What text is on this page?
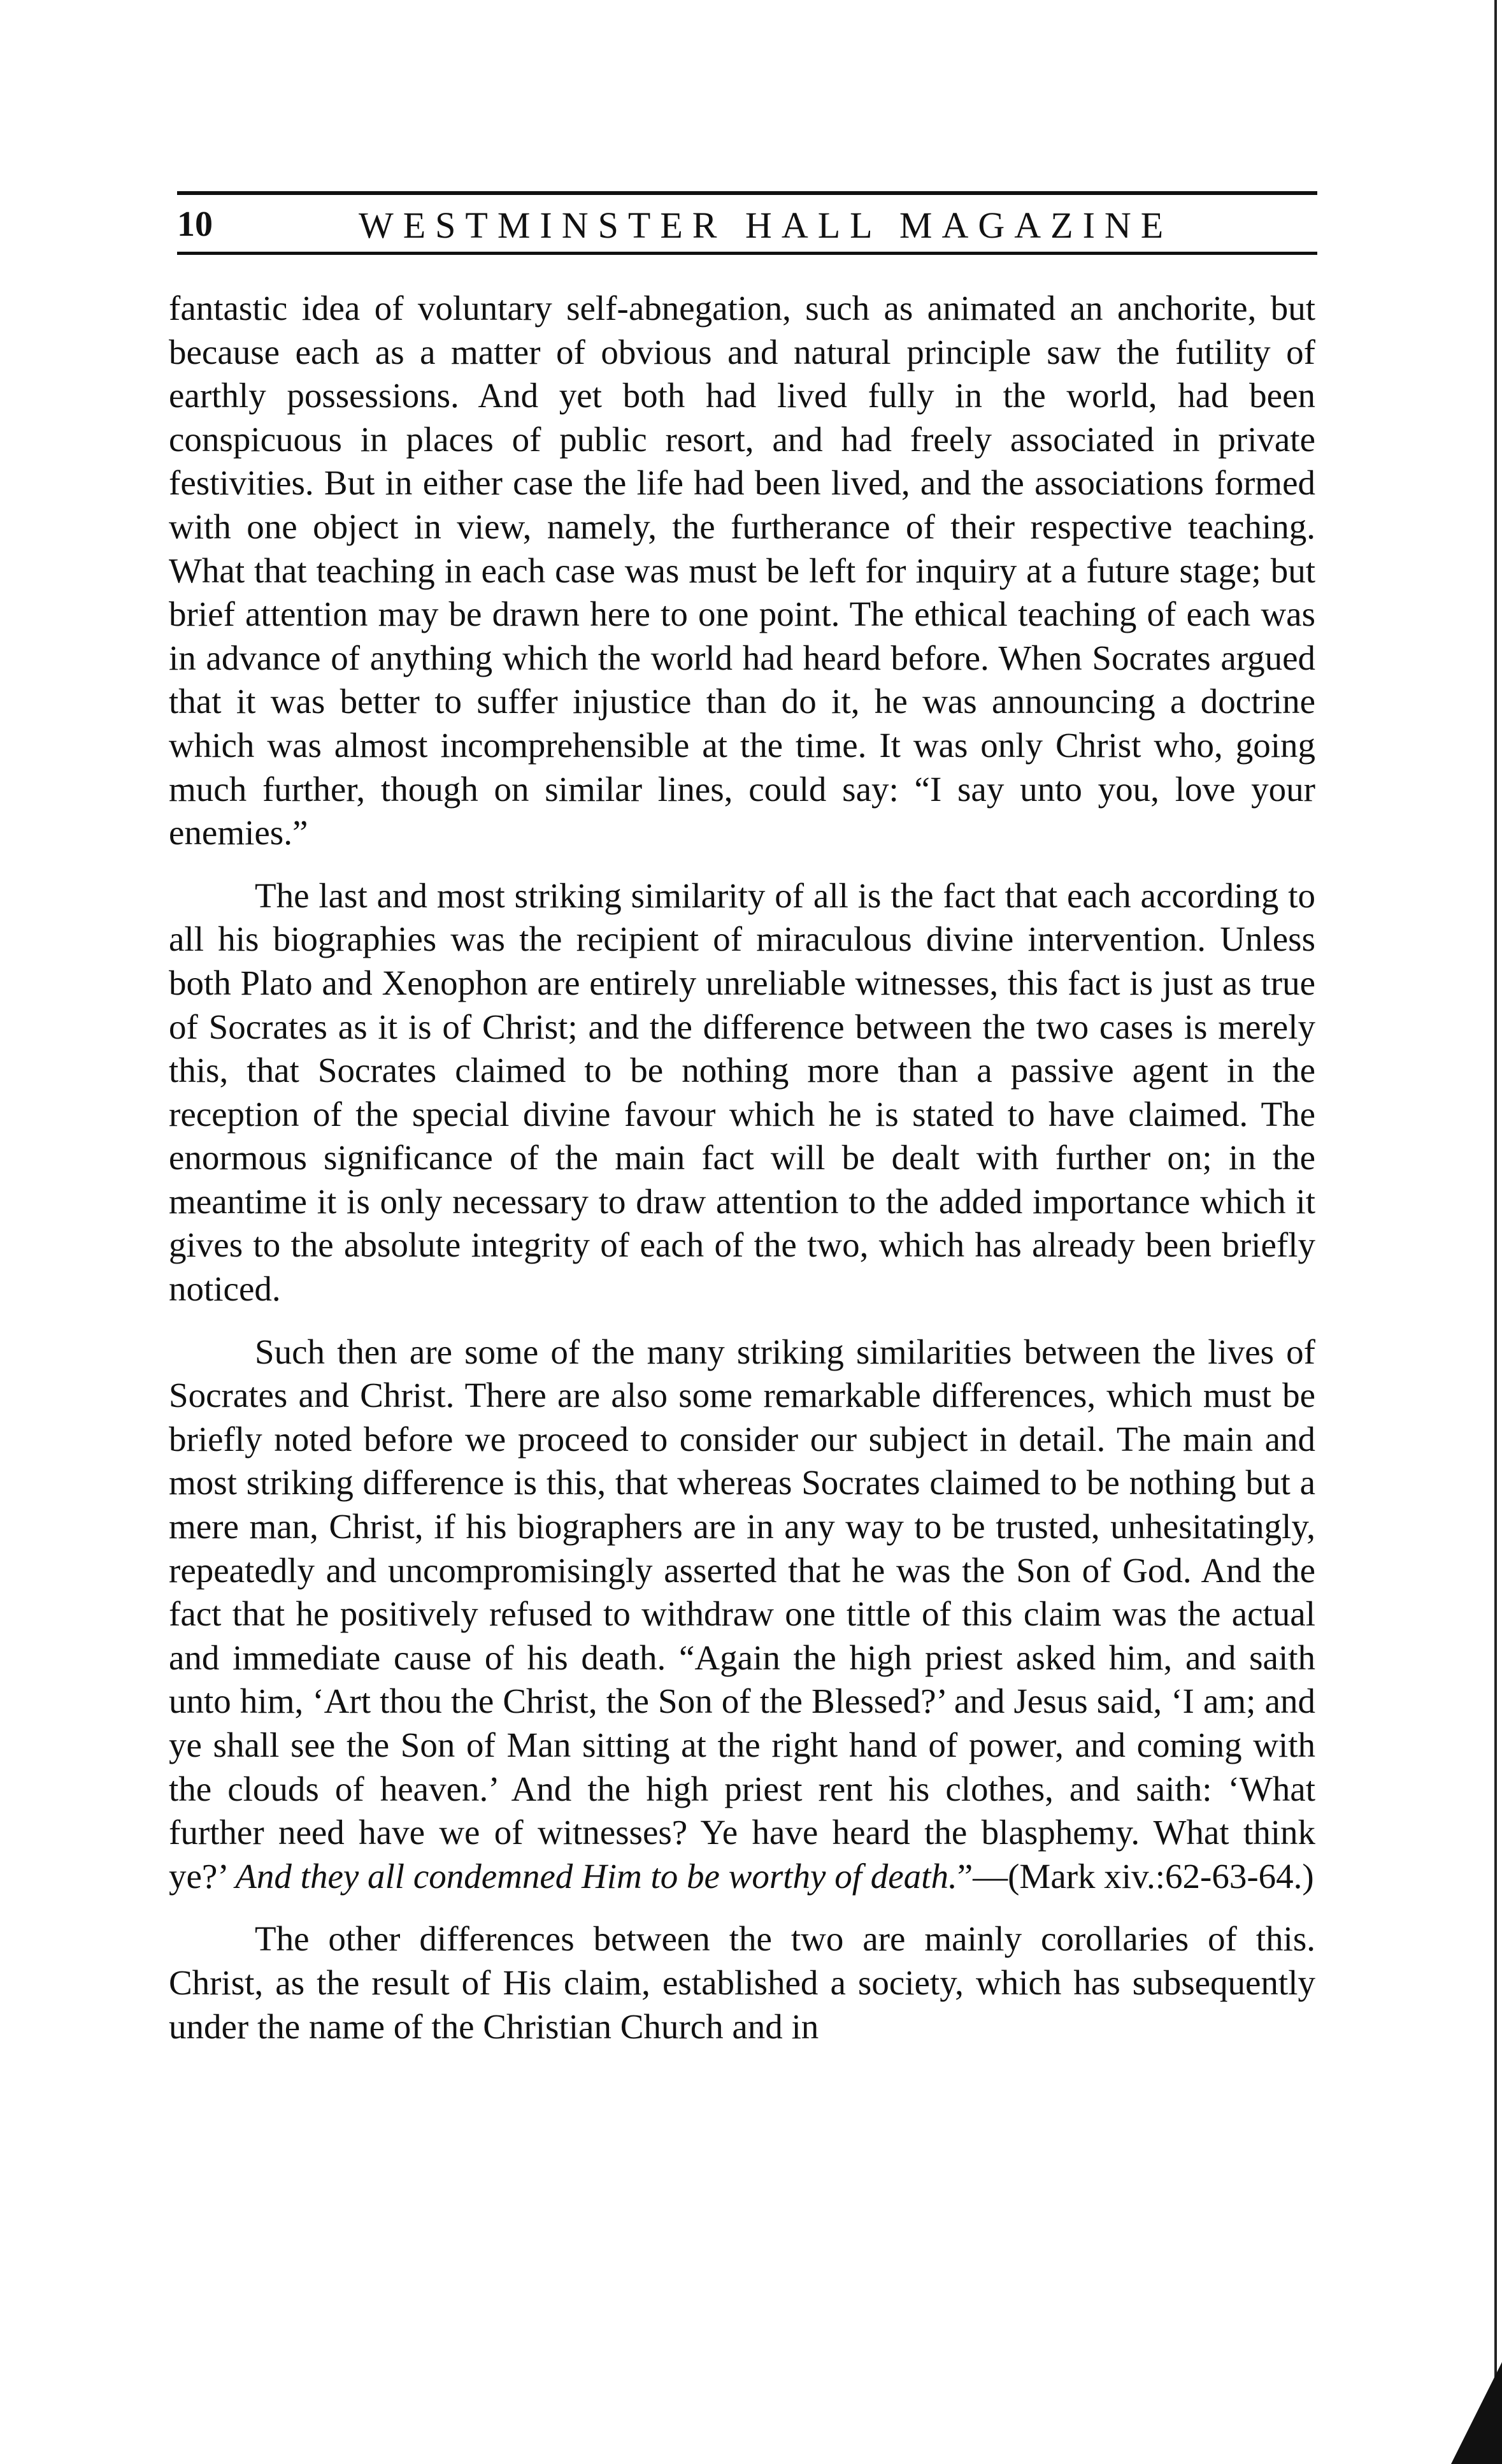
10	WESTMINSTER HALL MAGAZINE

fantastic idea of voluntary self-abnegation, such as animated an anchorite, but because each as a matter of obvious and natural principle saw the futility of earthly possessions. And yet both had lived fully in the world, had been conspicuous in places of public resort, and had freely associated in private festivities. But in either case the life had been lived, and the associations formed with one object in view, namely, the furtherance of their respective teaching. What that teaching in each case was must be left for inquiry at a future stage; but brief attention may be drawn here to one point. The ethical teaching of each was in advance of anything which the world had heard before. When Socrates argued that it was better to suffer injustice than do it, he was announcing a doctrine which was almost incomprehensible at the time. It was only Christ who, going much further, though on similar lines, could say: “I say unto you, love your enemies.”

The last and most striking similarity of all is the fact that each according to all his biographies was the recipient of miraculous divine intervention. Unless both Plato and Xenophon are entirely unreliable witnesses, this fact is just as true of Socrates as it is of Christ; and the difference between the two cases is merely this, that Socrates claimed to be nothing more than a passive agent in the reception of the special divine favour which he is stated to have claimed. The enormous significance of the main fact will be dealt with further on; in the meantime it is only necessary to draw attention to the added importance which it gives to the absolute integrity of each of the two, which has already been briefly noticed.

Such then are some of the many striking similarities between the lives of Socrates and Christ. There are also some remarkable differences, which must be briefly noted before we proceed to consider our subject in detail. The main and most striking difference is this, that whereas Socrates claimed to be nothing but a mere man, Christ, if his biographers are in any way to be trusted, unhesitatingly, repeatedly and uncompromisingly asserted that he was the Son of God. And the fact that he positively refused to withdraw one tittle of this claim was the actual and immediate cause of his death. “Again the high priest asked him, and saith unto him, ‘Art thou the Christ, the Son of the Blessed?’ and Jesus said, ‘I am; and ye shall see the Son of Man sitting at the right hand of power, and coming with the clouds of heaven.’ And the high priest rent his clothes, and saith: ‘What further need have we of witnesses? Ye have heard the blasphemy. What think ye?’ And they all condemned Him to be worthy of death.”—(Mark xiv.:62-63-64.)

The other differences between the two are mainly corollaries of this. Christ, as the result of His claim, established a society, which has subsequently under the name of the Christian Church and in
